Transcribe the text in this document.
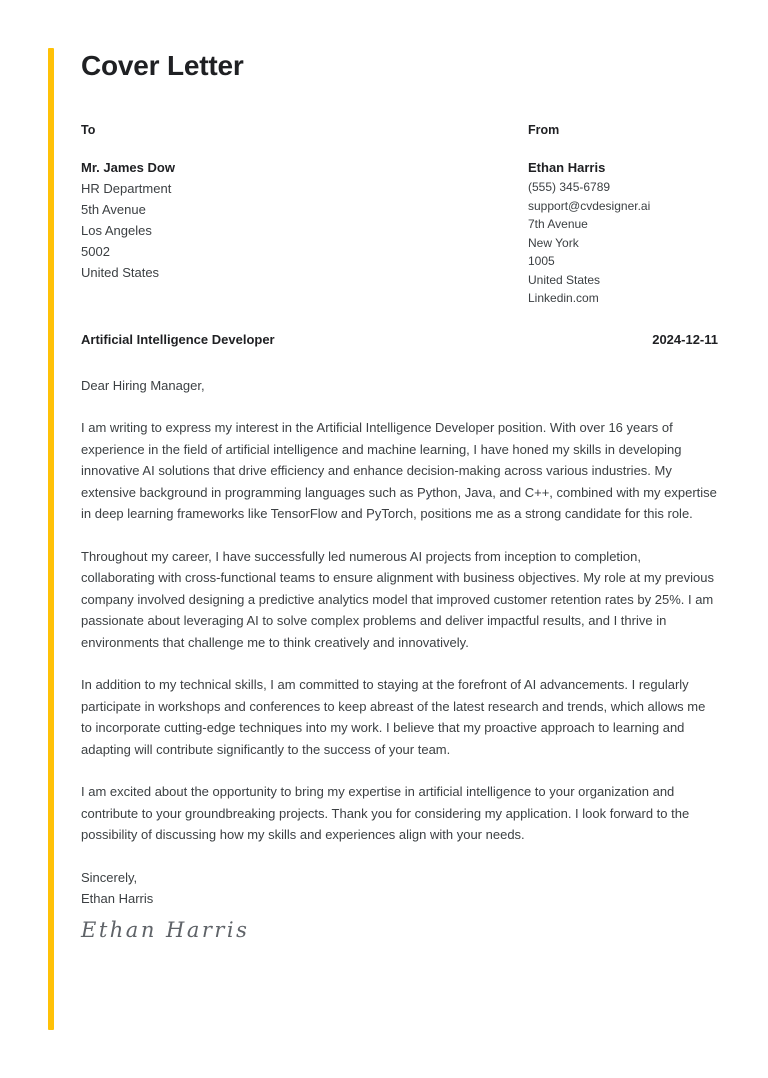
Cover Letter
To
Mr. James Dow
HR Department
5th Avenue
Los Angeles
5002
United States
From
Ethan Harris
(555) 345-6789
support@cvdesigner.ai
7th Avenue
New York
1005
United States
Linkedin.com
Artificial Intelligence Developer	2024-12-11

Dear Hiring Manager,

I am writing to express my interest in the Artificial Intelligence Developer position. With over 16 years of experience in the field of artificial intelligence and machine learning, I have honed my skills in developing innovative AI solutions that drive efficiency and enhance decision-making across various industries. My extensive background in programming languages such as Python, Java, and C++, combined with my expertise in deep learning frameworks like TensorFlow and PyTorch, positions me as a strong candidate for this role.

Throughout my career, I have successfully led numerous AI projects from inception to completion, collaborating with cross-functional teams to ensure alignment with business objectives. My role at my previous company involved designing a predictive analytics model that improved customer retention rates by 25%. I am passionate about leveraging AI to solve complex problems and deliver impactful results, and I thrive in environments that challenge me to think creatively and innovatively.

In addition to my technical skills, I am committed to staying at the forefront of AI advancements. I regularly participate in workshops and conferences to keep abreast of the latest research and trends, which allows me to incorporate cutting-edge techniques into my work. I believe that my proactive approach to learning and adapting will contribute significantly to the success of your team.

I am excited about the opportunity to bring my expertise in artificial intelligence to your organization and contribute to your groundbreaking projects. Thank you for considering my application. I look forward to the possibility of discussing how my skills and experiences align with your needs.

Sincerely,
Ethan Harris
Ethan Harris
